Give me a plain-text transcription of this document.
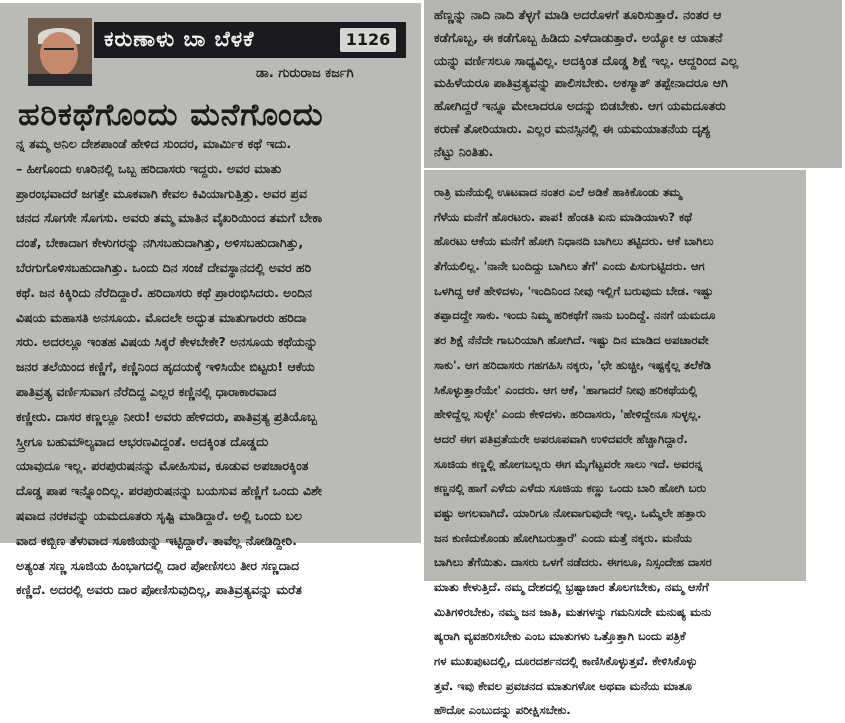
ಕರುಣಾಳು ಬಾ ಬೆಳಕೆ	1126
ಡಾ. ಗುರುರಾಜ ಕರ್ಜಗಿ
ಹರಿಕಥೆಗೊಂದು ಮನೆಗೊಂದು
ನ್ನ ತಮ್ಮ ಅನಿಲ ದೇಶಪಾಂಡೆ ಹೇಳಿದ ಸುಂದರ, ಮಾರ್ಮಿಕ ಕಥೆ ಇದು.
– ಹೀಗೊಂದು ಊರಿನಲ್ಲಿ ಒಬ್ಬ ಹರಿದಾಸರು ಇದ್ದರು. ಅವರ ಮಾತು
ಪ್ರಾರಂಭವಾದರೆ ಜಗತ್ತೇ ಮೂಕವಾಗಿ ಕೇವಲ ಕಿವಿಯಾಗುತ್ತಿತ್ತು. ಅವರ ಪ್ರವ
ಚನದ ಸೊಗಸೇ ಸೊಗಸು. ಅವರು ತಮ್ಮ ಮಾತಿನ ವೈಖರಿಯಿಂದ ತಮಗೆ ಬೇಕಾ
ದಂತೆ, ಬೇಕಾದಾಗ ಕೇಳುಗರನ್ನು ನಗಿಸಬಹುದಾಗಿತ್ತು, ಅಳಿಸಬಹುದಾಗಿತ್ತು,
ಬೆರಗುಗೊಳಿಸಬಹುದಾಗಿತ್ತು. ಒಂದು ದಿನ ಸಂಜೆ ದೇವಸ್ಥಾನದಲ್ಲಿ ಅವರ ಹರಿ
ಕಥೆ. ಜನ ಕಿಕ್ಕಿರಿದು ನೆರೆದಿದ್ದಾರೆ. ಹರಿದಾಸರು ಕಥೆ ಪ್ರಾರಂಭಿಸಿದರು. ಅಂದಿನ
ವಿಷಯ ಮಹಾಸತಿ ಅನಸೂಯ. ಮೊದಲೇ ಅದ್ಭುತ ಮಾತುಗಾರರು ಹರಿದಾ
ಸರು. ಅದರಲ್ಲೂ ಇಂತಹ ವಿಷಯ ಸಿಕ್ಕರೆ ಕೇಳಬೇಕೇ? ಅನಸೂಯ ಕಥೆಯನ್ನು
ಜನರ ತಲೆಯಿಂದ ಕಣ್ಣಿಗೆ, ಕಣ್ಣಿನಿಂದ ಹೃದಯಕ್ಕೆ ಇಳಿಸಿಯೇ ಬಿಟ್ಟರು! ಆಕೆಯ
ಪಾತಿವ್ರತ್ಯ ವರ್ಣಿಸುವಾಗ ನೆರೆದಿದ್ದ ಎಲ್ಲರ ಕಣ್ಣಿನಲ್ಲಿ ಧಾರಾಕಾರವಾದ
ಕಣ್ಣೀರು. ದಾಸರ ಕಣ್ಣಲ್ಲೂ ನೀರು! ಅವರು ಹೇಳಿದರು, ಪಾತಿವ್ರತ್ಯ ಪ್ರತಿಯೊಬ್ಬ
ಸ್ತ್ರೀಗೂ ಬಹುಮೌಲ್ಯವಾದ ಆಭರಣವಿದ್ದಂತೆ. ಅದಕ್ಕಿಂತ ದೊಡ್ಡದು
ಯಾವುದೂ ಇಲ್ಲ. ಪರಪುರುಷನನ್ನು ಮೋಹಿಸುವ, ಕೂಡುವ ಅಪಚಾರಕ್ಕಿಂತ
ದೊಡ್ಡ ಪಾಪ ಇನ್ನೊಂದಿಲ್ಲ. ಪರಪುರುಷನನ್ನು ಬಯಸುವ ಹೆಣ್ಣಿಗೆ ಒಂದು ವಿಶೇ
ಷವಾದ ನರಕವನ್ನು ಯಮದೂತರು ಸೃಷ್ಟಿ ಮಾಡಿದ್ದಾರೆ. ಅಲ್ಲಿ ಒಂದು ಬಲ
ವಾದ ಕಬ್ಬಿಣ ತೆಳುವಾದ ಸೂಜಿಯನ್ನು ಇಟ್ಟಿದ್ದಾರೆ. ತಾವೆಲ್ಲ ನೋಡಿದ್ದೀರಿ.
ಅತ್ಯಂತ ಸಣ್ಣ ಸೂಜಿಯ ಹಿಂಭಾಗದಲ್ಲಿ ದಾರ ಪೋಣಿಸಲು ತೀರ ಸಣ್ಣದಾದ
ಕಣ್ಣಿದೆ. ಅದರಲ್ಲಿ ಅವರು ದಾರ ಪೋಣಿಸುವುದಿಲ್ಲ, ಪಾತಿವ್ರತ್ಯವನ್ನು ಮರೆತ
ಹೆಣ್ಣನ್ನು ನಾದಿ ನಾದಿ ತೆಳ್ಳಗೆ ಮಾಡಿ ಅದರೊಳಗೆ ತೂರಿಸುತ್ತಾರೆ. ನಂತರ ಆ
ಕಡೆಗೊಬ್ಬ, ಈ ಕಡೆಗೊಬ್ಬ ಹಿಡಿದು ಎಳೆದಾಡುತ್ತಾರೆ. ಅಯ್ಯೋ ಆ ಯಾತನೆ
ಯನ್ನು ವರ್ಣಿಸಲೂ ಸಾಧ್ಯವಿಲ್ಲ. ಅದಕ್ಕಿಂತ ದೊಡ್ಡ ಶಿಕ್ಷೆ ಇಲ್ಲ. ಆದ್ದರಿಂದ ಎಲ್ಲ
ಮಹಿಳೆಯರೂ ಪಾತಿವ್ರತ್ಯವನ್ನು ಪಾಲಿಸಬೇಕು. ಅಕಸ್ಮಾತ್ ತಪ್ಪೇನಾದರೂ ಆಗಿ
ಹೋಗಿದ್ದರೆ ಇನ್ನೂ ಮೇಲಾದರೂ ಅದನ್ನು ಬಿಡಬೇಕು. ಆಗ ಯಮದೂತರು
ಕರುಣೆ ತೋರಿಯಾರು. ಎಲ್ಲರ ಮನಸ್ಸಿನಲ್ಲಿ ಈ ಯಮಯಾತನೆಯ ದೃಶ್ಯ
ನೆಟ್ಟು ನಿಂತಿತು.
ರಾತ್ರಿ ಮನೆಯಲ್ಲಿ ಊಟವಾದ ನಂತರ ಎಲೆ ಅಡಿಕೆ ಹಾಕಿಕೊಂಡು ತಮ್ಮ
ಗೆಳೆಯ ಮನೆಗೆ ಹೊರಟರು. ಪಾಪ! ಹೆಂಡತಿ ಏನು ಮಾಡಿಯಾಳು? ಕಥೆ
ಹೊರಟು ಆಕೆಯ ಮನೆಗೆ ಹೋಗಿ ನಿಧಾನದಿ ಬಾಗಿಲು ತಟ್ಟಿದರು. ಆಕೆ ಬಾಗಿಲು
ತೆಗೆಯಲಿಲ್ಲ. 'ನಾನೇ ಬಂದಿದ್ದು ಬಾಗಿಲು ತೆಗೆ' ಎಂದು ಪಿಸುಗುಟ್ಟಿದರು. ಆಗ
ಒಳಗಿದ್ದ ಆಕೆ ಹೇಳಿದಳು, 'ಇಂದಿನಿಂದ ನೀವು ಇಲ್ಲಿಗೆ ಬರುವುದು ಬೇಡ. ಇಷ್ಟು
ತಪ್ಪಾದದ್ದೇ ಸಾಕು. ಇಂದು ನಿಮ್ಮ ಹರಿಕಥೆಗೆ ನಾನು ಬಂದಿದ್ದೆ. ನನಗೆ ಯಮದೂ
ತರ ಶಿಕ್ಷೆ ನೆನೆದೇ ಗಾಬರಿಯಾಗಿ ಹೋಗಿದೆ. ಇಷ್ಟು ದಿನ ಮಾಡಿದ ಅಪಚಾರವೇ
ಸಾಕು'. ಆಗ ಹರಿದಾಸರು ಗಹಗಹಿಸಿ ನಕ್ಕರು, 'ಛೇ ಹುಚ್ಚೀ, ಇಷ್ಟಕ್ಕೆಲ್ಲ ತಲೆಕೆಡಿ
ಸಿಕೊಳ್ಳುತ್ತಾರೆಯೇ' ಎಂದರು. ಆಗ ಆಕೆ, 'ಹಾಗಾದರೆ ನೀವು ಹರಿಕಥೆಯಲ್ಲಿ
ಹೇಳಿದ್ದೆಲ್ಲ ಸುಳ್ಳೇ' ಎಂದು ಕೇಳಿದಳು. ಹರಿದಾಸರು, 'ಹೇಳಿದ್ದೇನೂ ಸುಳ್ಳಲ್ಲ.
ಆದರೆ ಈಗ ಪತಿವ್ರತೆಯರೇ ಅಪರೂಪವಾಗಿ ಉಳಿದವರೇ ಹೆಚ್ಚಾಗಿದ್ದಾರೆ.
ಸೂಜಿಯ ಕಣ್ಣಲ್ಲಿ ಹೋಗಬಲ್ಲರು ಈಗ ಮೈಗೆಟ್ಟವರೇ ಸಾಲು ಇದೆ. ಅವರನ್ನ
ಕಣ್ಣನಲ್ಲಿ ಹಾಗೆ ಎಳೆದು ಎಳೆದು ಸೂಜಿಯ ಕಣ್ಣು ಒಂದು ಬಾರಿ ಹೋಗಿ ಬರು
ವಷ್ಟು ಅಗಲವಾಗಿದೆ. ಯಾರಿಗೂ ನೋವಾಗುವುದೇ ಇಲ್ಲ. ಒಮ್ಮೆಲೇ ಹತ್ತಾರು
ಜನ ಕುಣಿದುಕೊಂಡು ಹೋಗಿಬರುತ್ತಾರೆ' ಎಂದು ಮತ್ತೆ ನಕ್ಕರು. ಮನೆಯ
ಬಾಗಿಲು ತೆಗೆಯಿತು. ದಾಸರು ಒಳಗೆ ನಡೆದರು. ಈಗಲೂ, ನಿಸ್ಸಂದೇಹ ದಾಸರ
ಮಾತು ಕೇಳುತ್ತಿದೆ. ನಮ್ಮ ದೇಶದಲ್ಲಿ ಭ್ರಷ್ಟಾಚಾರ ತೊಲಗಬೇಕು, ನಮ್ಮ ಆಸೆಗೆ
ಮಿತಿಗಳಿರಬೇಕು, ನಮ್ಮ ಜನ ಜಾತಿ, ಮತಗಳನ್ನು ಗಮನಿಸದೇ ಮನುಷ್ಯ ಮನು
ಷ್ಯರಾಗಿ ವ್ಯವಹರಿಸಬೇಕು ಎಂಬ ಮಾತುಗಳು ಒತ್ತೊತ್ತಾಗಿ ಬಂದು ಪತ್ರಿಕೆ
ಗಳ ಮುಖಪುಟದಲ್ಲಿ, ದೂರದರ್ಶನದಲ್ಲಿ ಕಾಣಿಸಿಕೊಳ್ಳುತ್ತವೆ. ಕೇಳಿಸಿಕೊಳ್ಳು
ತ್ತವೆ. ಇವು ಕೇವಲ ಪ್ರವಚನದ ಮಾತುಗಳೋ ಅಥವಾ ಮನೆಯ ಮಾತೂ
ಹೌದೋ ಎಂಬುದನ್ನು ಪರೀಕ್ಷಿಸಬೇಕು.
